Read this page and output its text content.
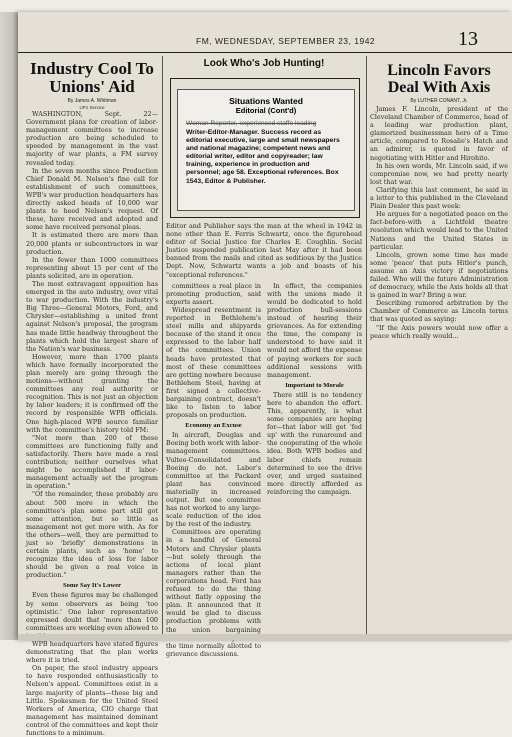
FM, WEDNESDAY, SEPTEMBER 23, 1942	13
Industry Cool To Unions' Aid
By James A. Whitman
UP1 Service

WASHINGTON, Sept. 22—Government plans for creation of labor-management committees to increase production are being scheduled to speeded by management in the vast majority of war plants, a FM survey revealed today.

In the seven months since Production Chief Donald M. Nelson's fine call for establishment of such committees, WPB's war production headquarters has directly asked heads of 10,000 war plants to heed Nelson's request. Of these, have received and adopted and some have received personal pleas.

It is estimated there are more than 20,000 plants or subcontractors in war production.

In the fewer than 1000 committees representing about 15 per cent of the plants solicited, are in operation.

The most extravagant opposition has emerged in the auto industry, over vital to war production. With the industry's Big Three—General Motors, Ford, and Chrysler—establishing a united front against Nelson's proposal, the program has made little headway throughout the plants which hold the largest share of the Nation's war business.

However, more than 1700 plants which have formally incorporated the plan merely are going through the motions—without granting the committees any real authority or recognition. This is not just an objection by labor leaders; it is confirmed off the record by responsible WPB officials. One high-placed WPB source familiar with the committee's history told FM:

"Not more than 200 of these committees are functioning fully and satisfactorily. There have made a real contribution; neither ourselves what might be accomplished if labor-management actually set the program in operation."

"Of the remainder, these probably are about 500 more in which the committee's plan some part still got some attention, but so little as management not get more with. As for the others—well, they are permitted to just so 'briefly' demonstrations in certain plants, such as 'home' to recognize the idea of loss for labor should be given a real voice in production."

Some Say It's Lower

Even these figures may be challenged by some observers as being 'too optimistic.' One labor representative expressed doubt that 'more than 100 committees are working even allowed to

WPB headquarters have stated figures demonstrating that the plan works where it is tried.

On paper, the steel industry appears to have responded enthusiastically to Nelson's appeal. Committees exist in a large majority of plants—those big and Little. Spokesmen for the United Steel Workers of America, CIO charge that management has maintained dominant control of the committees and kept their functions to a minimum.

Look Who's Job Hunting!
Situations Wanted
Editorial (Cont'd)
Woman Reporter, experienced staffe leading
Writer-Editor-Manager. Success record as editorial executive, large and small newspapers and national magazine; competent news and editorial writer, editor and copyreader; law training, experience in production and personnel; age 58. Exceptional references. Box 1543, Editor & Publisher.

Editor and Publisher says the man at the wheel in 1942 in none other than E. Ferris Schwartz, once the figurehead editor of Social Justice for Charles E. Coughlin. Social Justice suspended publication last May after it had been banned from the mails and cited as seditious by the Justice Dept. Now, Schwartz wants a job and boasts of his "exceptional references."

committees a real place in promoting production, said experts assert.

Widespread resentment is reported in Bethlehem's steel mills and shipyards because of the stand it once expressed to the labor half of the committees. Union heads have protested that most of these committees are getting nowhere because Bethlehem Steel, having at first signed a collective-bargaining contract, doesn't like to listen to labor proposals on production.

Economy an Excuse

In aircraft, Douglas and Boeing both work with labor-management committees. Vultee-Consolidated and Boeing do not. Labor's committee at the Packard plant has convinced materially in increased output. But one committee has not worked to any large-scale reduction of the idea by the rest of the industry.

Committees are operating in a handful of General Motors and Chrysler plants—but solely through the actions of local plant managers rather than the corporations head. Ford has refused to do the thing without flatly opposing the plan. It announced that it would be glad to discuss production problems with the union bargaining the time normally allotted to grievance discussions.

In effect, the companies with the unions made it would be dedicated to hold production bull-sessions instead of hearing their grievances. As for extending the time, the company is understood to have said it would not afford the expense of paying workers for such additional sessions with management.

Important to Morale

There still is no tendency here to abandon the effort. This, apparently, is what some companies are hoping for—that labor will get 'fed up' with the runaround and the cooperating of the whole idea. Both WPB bodies and labor chiefs remain determined to see the drive over, and urged sustained more directly afforded as reinforcing the campaign.

Lincoln Favors Deal With Axis
By LUTHER CONANT, Jr.

James F. Lincoln, president of the Cleveland Chamber of Commerce, head of a leading war production plant, glamorized businessman hero of a Time article, compared to Rosalie's Hatch and an admirer, is quoted in favor of negotiating with Hitler and Hirohito.

In his own words, Mr. Lincoln said, if we compromise now, we had pretty nearly lost that war.

Clarifying this last comment, he said in a letter to this published in the Cleveland Plain Dealer this past week:

He argues for a negotiated peace on the fact-before-with a Lichtfeld theatre resolution which would lead to the United Nations and the United States in particular.

Lincoln, grown some time has made some 'peace' that puts Hitler's punch, assume an Axis victory if negotiations failed. Who will the future Administration of democracy, while the Axis holds all that is gained in war? Bring a war.

Describing rumored arbitration by the Chamber of Commerce as Lincoln terms that was quoted as saying:

"If the Axis powers would now offer a peace which really would...
